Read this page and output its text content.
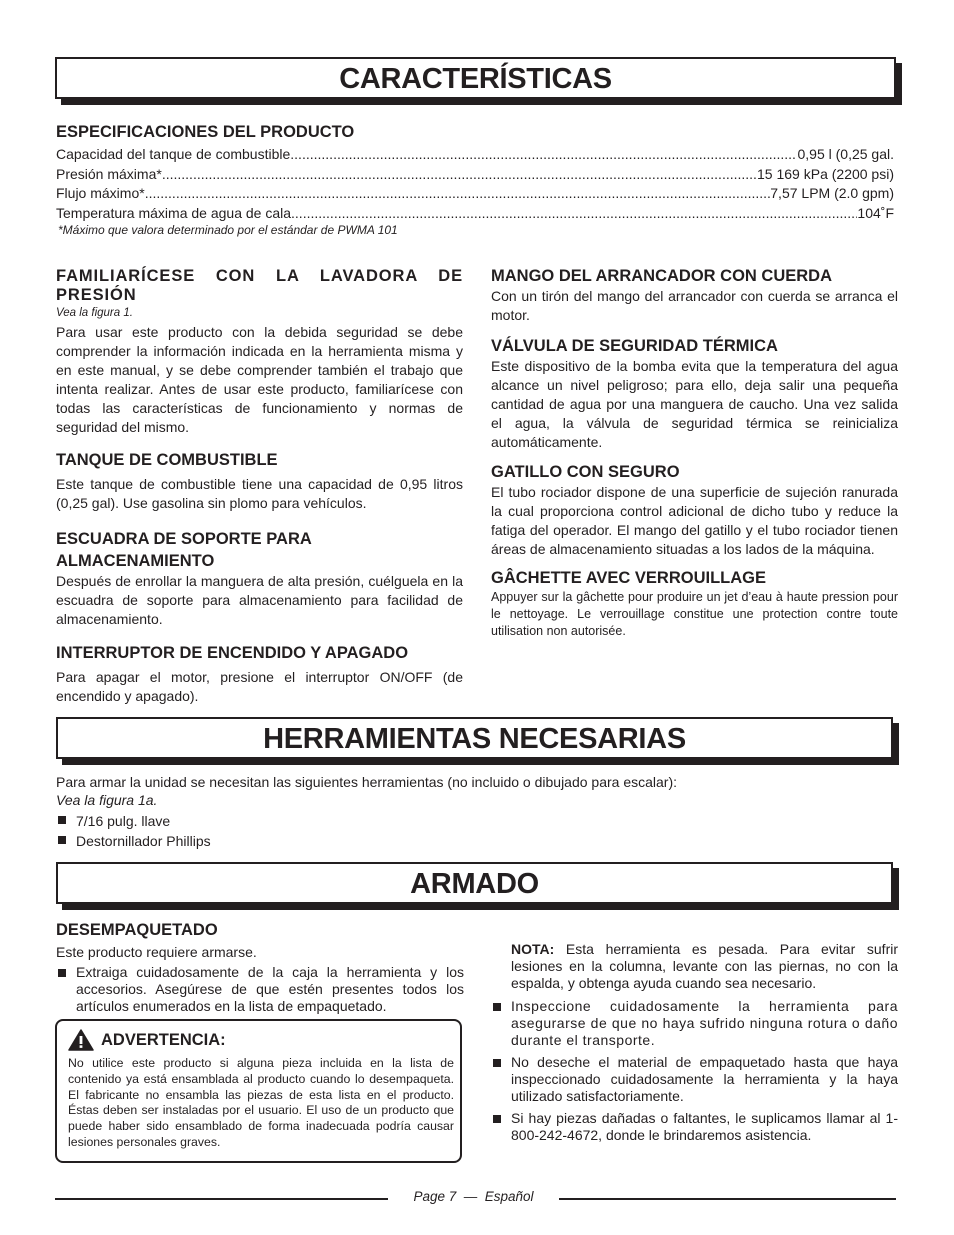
CARACTERÍSTICAS

ESPECIFICACIONES DEL PRODUCTO

Capacidad del tanque de combustible .....	0,95 l (0,25 gal.
Presión máxima* .....	15 169 kPa (2200 psi)
Flujo máximo* .....	7,57 LPM (2.0 gpm)
Temperatura máxima de agua de cala .....	104˚F
*Máximo que valora determinado por el estándar de PWMA 101

FAMILIARÍCESE CON LA LAVADORA DE PRESIÓN

Vea la figura 1.

Para usar este producto con la debida seguridad se debe comprender la información indicada en la herramienta misma y en este manual, y se debe comprender también el trabajo que intenta realizar. Antes de usar este producto, familiarícese con todas las características de funcionamiento y normas de seguridad del mismo.

TANQUE DE COMBUSTIBLE

Este tanque de combustible tiene una capacidad de 0,95 litros (0,25 gal). Use gasolina sin plomo para vehículos.

ESCUADRA DE SOPORTE PARA ALMACENAMIENTO

Después de enrollar la manguera de alta presión, cuélguela en la escuadra de soporte para almacenamiento para facilidad de almacenamiento.

INTERRUPTOR DE ENCENDIDO Y APAGADO

Para apagar el motor, presione el interruptor ON/OFF (de encendido y apagado).

MANGO DEL ARRANCADOR CON CUERDA

Con un tirón del mango del arrancador con cuerda se arranca el motor.

VÁLVULA DE SEGURIDAD TÉRMICA

Este dispositivo de la bomba evita que la temperatura del agua alcance un nivel peligroso; para ello, deja salir una pequeña cantidad de agua por una manguera de caucho. Una vez salida el agua, la válvula de seguridad térmica se reinicializa automáticamente.

GATILLO CON SEGURO

El tubo rociador dispone de una superficie de sujeción ranurada la cual proporciona control adicional de dicho tubo y reduce la fatiga del operador. El mango del gatillo y el tubo rociador tienen áreas de almacenamiento situadas a los lados de la máquina.

GÂCHETTE AVEC VERROUILLAGE

Appuyer sur la gâchette pour produire un jet d’eau à haute pression pour le nettoyage. Le verrouillage constitue une protection contre toute utilisation non autorisée.

HERRAMIENTAS NECESARIAS
Para armar la unidad se necesitan las siguientes herramientas (no incluido o dibujado para escalar):
Vea la figura 1a.
7/16 pulg. llave
Destornillador Phillips
ARMADO

DESEMPAQUETADO

Este producto requiere armarse.

Extraiga cuidadosamente de la caja la herramienta y los accesorios. Asegúrese de que estén presentes todos los artículos enumerados en la lista de empaquetado.
ADVERTENCIA:

No utilice este producto si alguna pieza incluida en la lista de contenido ya está ensamblada al producto cuando lo desempaqueta. El fabricante no ensambla las piezas de esta lista en el producto. Éstas deben ser instaladas por el usuario. El uso de un producto que puede haber sido ensamblado de forma inadecuada podría causar lesiones personales graves.

NOTA: Esta herramienta es pesada. Para evitar sufrir lesiones en la columna, levante con las piernas, no con la espalda, y obtenga ayuda cuando sea necesario.

Inspeccione cuidadosamente la herramienta para asegurarse de que no haya sufrido ninguna rotura o daño durante el transporte.
No deseche el material de empaquetado hasta que haya inspeccionado cuidadosamente la herramienta y la haya utilizado satisfactoriamente.
Si hay piezas dañadas o faltantes, le suplicamos llamar al 1-800-242-4672, donde le brindaremos asistencia.
Page 7  —  Español
